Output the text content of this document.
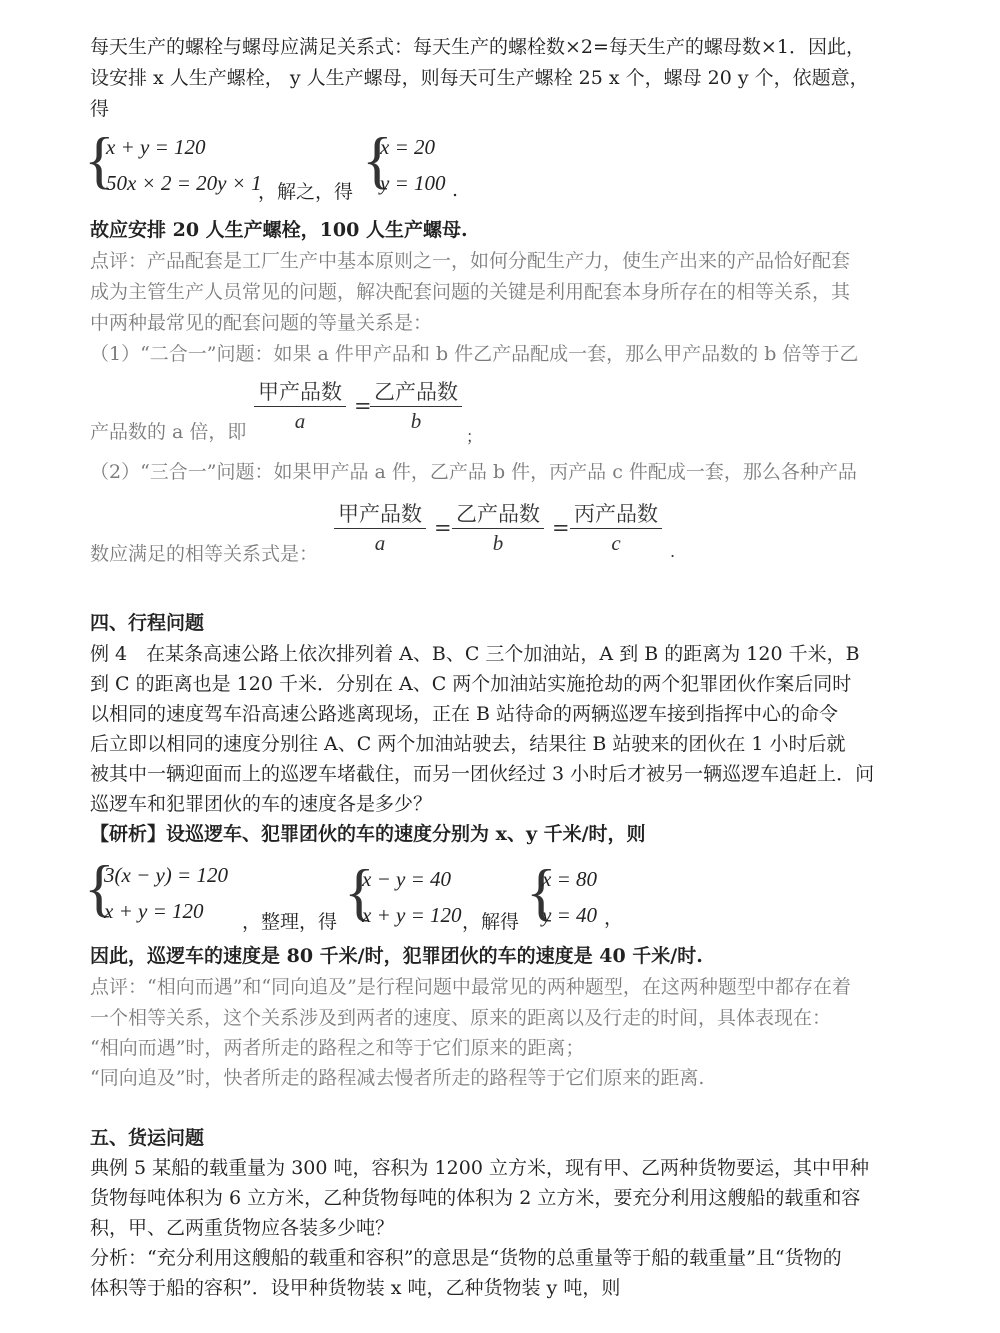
每天生产的螺栓与螺母应满足关系式：每天生产的螺栓数×2=每天生产的螺母数×1．因此，
设安排 x 人生产螺栓， y 人生产螺母，则每天可生产螺栓 25 x 个，螺母 20 y 个，依题意，
得
{
x + y = 120
50x × 2 = 20y × 1
，解之，得 {
x = 20
y = 100 .
故应安排 20 人生产螺栓，100 人生产螺母.
点评：产品配套是工厂生产中基本原则之一，如何分配生产力，使生产出来的产品恰好配套
成为主管生产人员常见的问题，解决配套问题的关键是利用配套本身所存在的相等关系，其
中两种最常见的配套问题的等量关系是：
（1）“二合一”问题：如果 a 件甲产品和 b 件乙产品配成一套，那么甲产品数的 b 倍等于乙
甲产品数
a
=
乙产品数
b
；
产品数的 a 倍，即
（2）“三合一”问题：如果甲产品 a 件，乙产品 b 件，丙产品 c 件配成一套，那么各种产品
甲产品数
a
=
乙产品数
b
=
丙产品数
c	.
数应满足的相等关系式是：
四、行程问题
例 4　在某条高速公路上依次排列着 A、B、C 三个加油站，A 到 B 的距离为 120 千米，B
到 C 的距离也是 120 千米．分别在 A、C 两个加油站实施抢劫的两个犯罪团伙作案后同时
以相同的速度驾车沿高速公路逃离现场，正在 B 站待命的两辆巡逻车接到指挥中心的命令
后立即以相同的速度分别往 A、C 两个加油站驶去，结果往 B 站驶来的团伙在 1 小时后就
被其中一辆迎面而上的巡逻车堵截住，而另一团伙经过 3 小时后才被另一辆巡逻车追赶上．问
巡逻车和犯罪团伙的车的速度各是多少？
【研析】设巡逻车、犯罪团伙的车的速度分别为 x、y 千米/时，则
{
3(x − y) = 120
x + y = 120 ，整理，得 {
x − y = 40
x + y = 120 ，解得 {
x = 80
y = 40 ，
因此，巡逻车的速度是 80 千米/时，犯罪团伙的车的速度是 40 千米/时.
点评：“相向而遇”和“同向追及”是行程问题中最常见的两种题型，在这两种题型中都存在着
一个相等关系，这个关系涉及到两者的速度、原来的距离以及行走的时间，具体表现在：
“相向而遇”时，两者所走的路程之和等于它们原来的距离；
“同向追及”时，快者所走的路程减去慢者所走的路程等于它们原来的距离.
五、货运问题
典例 5 某船的载重量为 300 吨，容积为 1200 立方米，现有甲、乙两种货物要运，其中甲种
货物每吨体积为 6 立方米，乙种货物每吨的体积为 2 立方米，要充分利用这艘船的载重和容
积，甲、乙两重货物应各装多少吨？
分析：“充分利用这艘船的载重和容积”的意思是“货物的总重量等于船的载重量”且“货物的
体积等于船的容积”．设甲种货物装 x 吨，乙种货物装 y 吨，则
